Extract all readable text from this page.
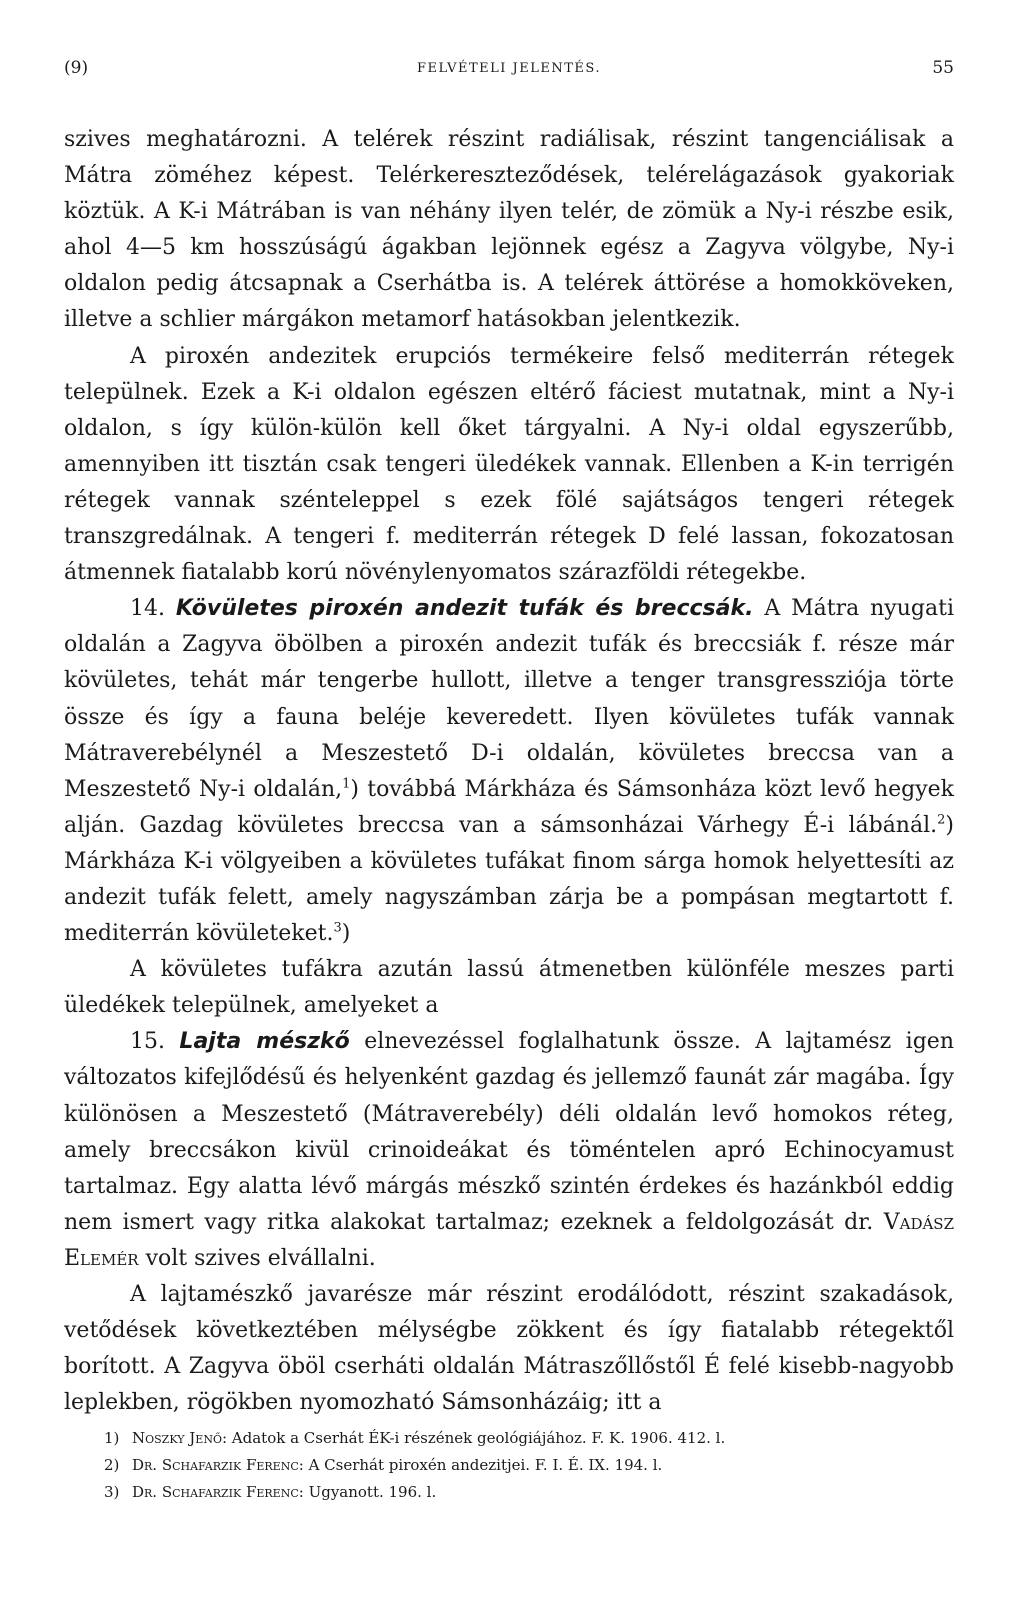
(9)	FELVÉTELI JELENTÉS.	55

szives meghatározni. A telérek részint radiálisak, részint tangenciálisak a Mátra zöméhez képest. Telérkereszteződések, telérelágazások gyakoriak köztük. A K-i Mátrában is van néhány ilyen telér, de zömük a Ny-i részbe esik, ahol 4—5 km hosszúságú ágakban lejönnek egész a Zagyva völgybe, Ny-i oldalon pedig átcsapnak a Cserhátba is. A telérek áttörése a homokköveken, illetve a schlier márgákon metamorf hatásokban jelentkezik.

A piroxén andezitek erupciós termékeire felső mediterrán rétegek települnek. Ezek a K-i oldalon egészen eltérő fáciest mutatnak, mint a Ny-i oldalon, s így külön-külön kell őket tárgyalni. A Ny-i oldal egyszerűbb, amennyiben itt tisztán csak tengeri üledékek vannak. Ellenben a K-in terrigén rétegek vannak szénteleppel s ezek fölé sajátságos tengeri rétegek transzgredálnak. A tengeri f. mediterrán rétegek D felé lassan, fokozatosan átmennek fiatalabb korú növénylenyomatos szárazföldi rétegekbe.

14. Kövületes piroxén andezit tufák és breccsák. A Mátra nyugati oldalán a Zagyva öbölben a piroxén andezit tufák és breccsiák f. része már kövületes, tehát már tengerbe hullott, illetve a tenger transgressziója törte össze és így a fauna beléje keveredett. Ilyen kövületes tufák vannak Mátraverebélynél a Meszestető D-i oldalán, kövületes breccsa van a Meszestető Ny-i oldalán,$^1$) továbbá Márkháza és Sámsonháza közt levő hegyek alján. Gazdag kövületes breccsa van a sámsonházai Várhegy É-i lábánál.$^2$) Márkháza K-i völgyeiben a kövületes tufákat finom sárga homok helyettesíti az andezit tufák felett, amely nagyszámban zárja be a pompásan megtartott f. mediterrán kövületeket.$^3$)

A kövületes tufákra azután lassú átmenetben különféle meszes parti üledékek települnek, amelyeket a

15. Lajta mészkő elnevezéssel foglalhatunk össze. A lajtamész igen változatos kifejlődésű és helyenként gazdag és jellemző faunát zár magába. Így különösen a Meszestető (Mátraverebély) déli oldalán levő homokos réteg, amely breccsákon kivül crinoideákat és töméntelen apró Echinocyamust tartalmaz. Egy alatta lévő márgás mészkő szintén érdekes és hazánkból eddig nem ismert vagy ritka alakokat tartalmaz; ezeknek a feldolgozását dr. Vadász Elemér volt szives elvállalni.

A lajtamészkő javarésze már részint erodálódott, részint szakadások, vetődések következtében mélységbe zökkent és így fiatalabb rétegektől borított. A Zagyva öböl cserháti oldalán Mátraszőllőstől É felé kisebb-nagyobb leplekben, rögökben nyomozható Sámsonházáig; itt a

1) Noszky Jenő: Adatok a Cserhát ÉK-i részének geológiájához. F. K. 1906. 412. l.
2) Dr. Schafarzik Ferenc: A Cserhát piroxén andezitjei. F. I. É. IX. 194. l.
3) Dr. Schafarzik Ferenc: Ugyanott. 196. l.
